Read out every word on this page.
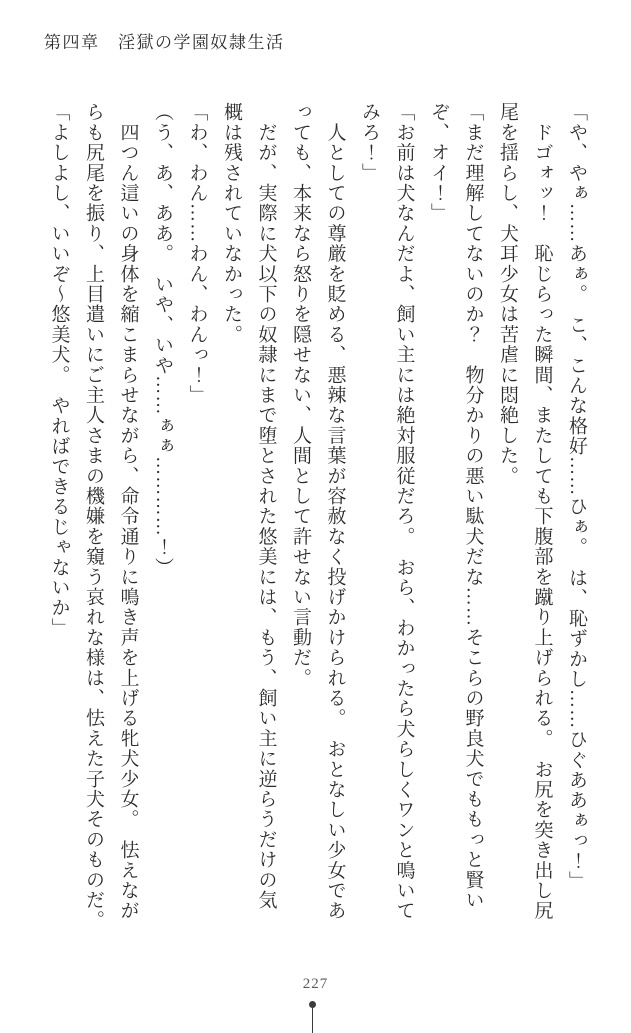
第四章　淫獄の学園奴隷生活
「や、やぁ……あぁ。　こ、こんな格好……ひぁ。　は、恥ずかし……ひぐああぁっ！」
　ドゴォッ！　恥じらった瞬間、またしても下腹部を蹴り上げられる。　お尻を突き出し尻
尾を揺らし、犬耳少女は苦虐に悶絶した。
「まだ理解してないのか？　物分かりの悪い駄犬だな……そこらの野良犬でももっと賢い
ぞ、オイ！」
「お前は犬なんだよ、飼い主には絶対服従だろ。　おら、わかったら犬らしくワンと鳴いて
みろ！」
　人としての尊厳を貶める、悪辣な言葉が容赦なく投げかけられる。　おとなしい少女であ
っても、本来なら怒りを隠せない、人間として許せない言動だ。
　だが、実際に犬以下の奴隷にまで堕とされた悠美には、もう、飼い主に逆らうだけの気
概は残されていなかった。
「わ、わん……わん、わんっ！」
（う、あ、ああ。　いや、いや……ぁぁ…………！）
　四つん這いの身体を縮こまらせながら、命令通りに鳴き声を上げる牝犬少女。　怯えなが
らも尻尾を振り、上目遣いにご主人さまの機嫌を窺う哀れな様は、怯えた子犬そのものだ。
「よしよし、いいぞ～悠美犬。　やればできるじゃないか」
227
